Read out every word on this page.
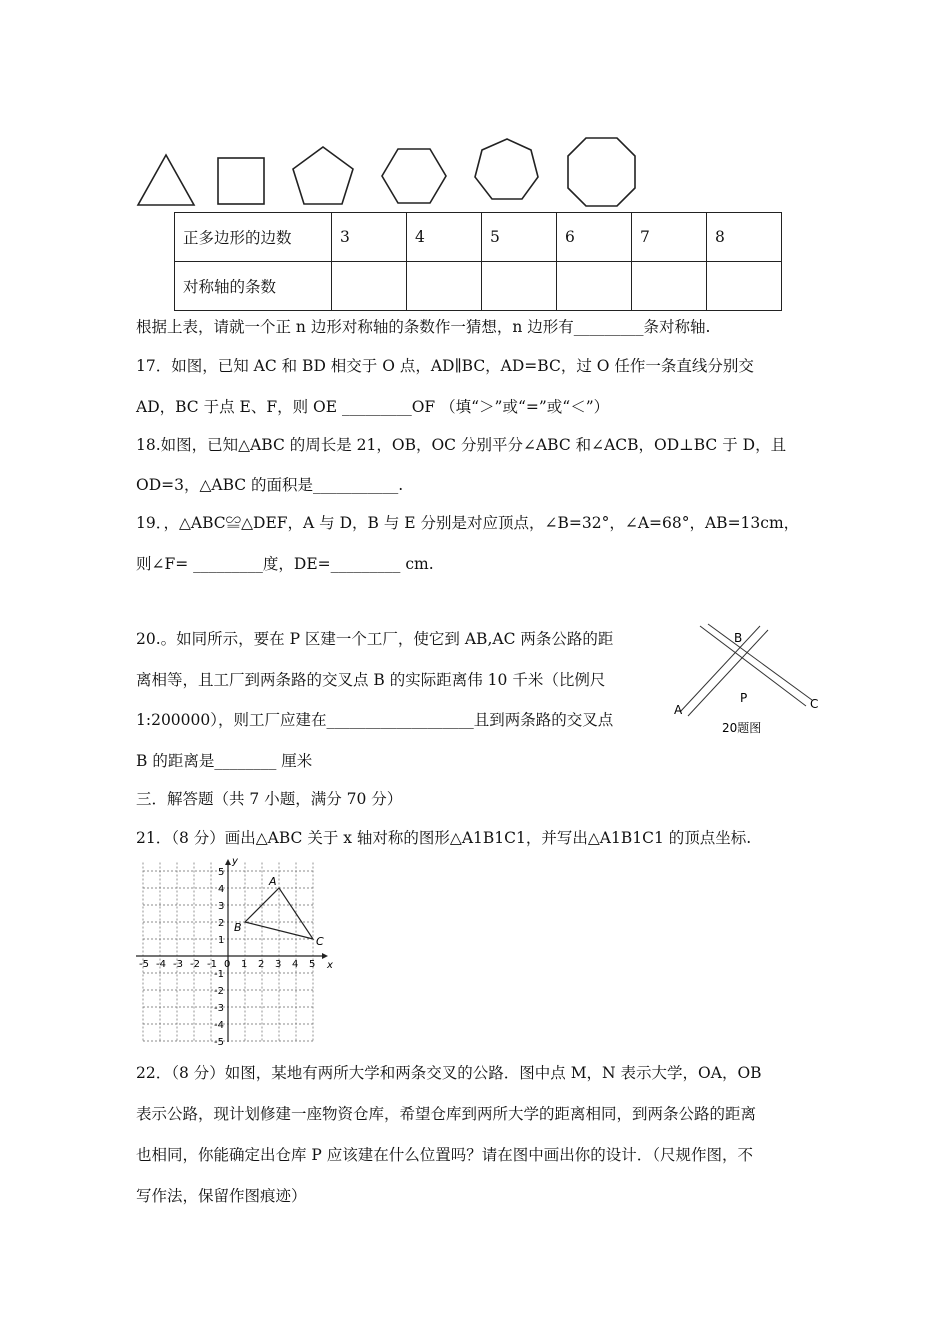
正多边形的边数	3	4	5	6	7	8
对称轴的条数						
根据上表，请就一个正 n 边形对称轴的条数作一猜想，n 边形有_________条对称轴.
17．如图，已知 AC 和 BD 相交于 O 点，AD∥BC，AD=BC，过 O 任作一条直线分别交
AD，BC 于点 E、F，则 OE _________OF （填“＞”或“=”或“＜”）
18.如图，已知△ABC 的周长是 21，OB，OC 分别平分∠ABC 和∠ACB，OD⊥BC 于 D，且
OD=3，△ABC 的面积是___________.
19．，△ABC≌△DEF，A 与 D，B 与 E 分别是对应顶点，∠B=32°，∠A=68°，AB=13cm，
则∠F= _________度，DE=_________ cm.
20.。如同所示，要在 P 区建一个工厂，使它到 AB,AC 两条公路的距
离相等，且工厂到两条路的交叉点 B 的实际距离伟 10 千米（比例尺
1:200000），则工厂应建在___________________且到两条路的交叉点
B 的距离是________ 厘米
三．解答题（共 7 小题，满分 70 分）
21．（8 分）画出△ABC 关于 x 轴对称的图形△A1B1C1，并写出△A1B1C1 的顶点坐标.
22．（8 分）如图，某地有两所大学和两条交叉的公路．图中点 M，N 表示大学，OA，OB
表示公路，现计划修建一座物资仓库，希望仓库到两所大学的距离相同，到两条公路的距离
也相同，你能确定出仓库 P 应该建在什么位置吗？请在图中画出你的设计．（尺规作图，不
写作法，保留作图痕迹）
B
A
P	C
20题图
x
y
-5 -4 -3 -2 -1 0 1 2 3 4 5
5
4
3
2
1
-1
-2
-3
-4
-5
A
B
C
